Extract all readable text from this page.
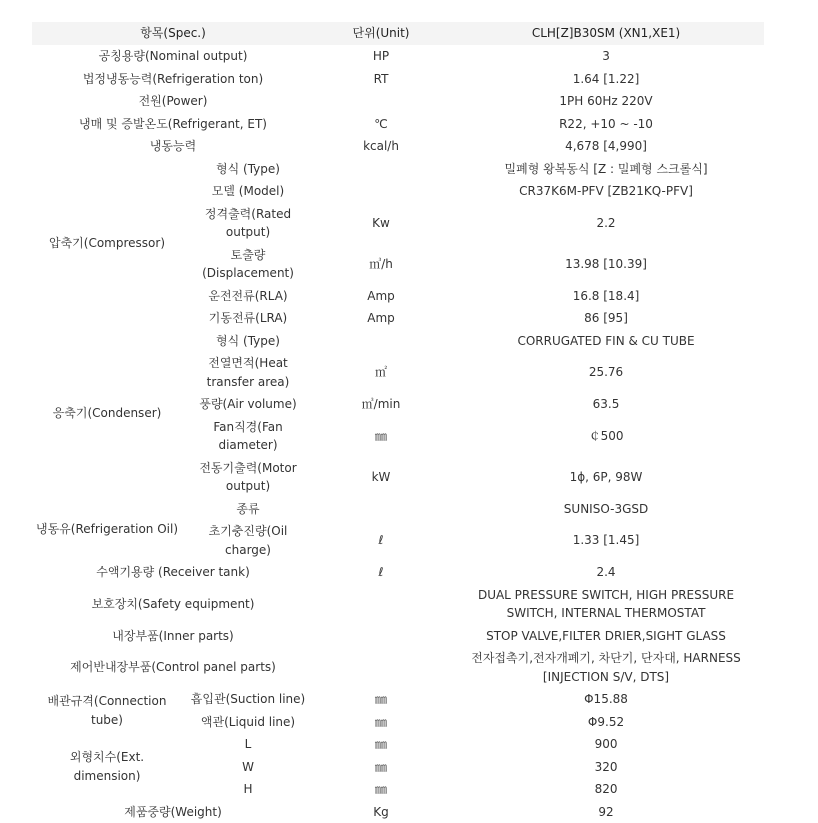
항목(Spec.)		단위(Unit)	CLH[Z]B30SM (XN1,XE1)
공칭용량(Nominal output)		HP	3
법정냉동능력(Refrigeration ton)		RT	1.64 [1.22]
전원(Power)			1PH 60Hz 220V
냉매 및 증발온도(Refrigerant, ET)		℃	R22, +10 ~ -10
냉동능력		kcal/h	4,678 [4,990]
압축기(Compressor)	형식 (Type)		밀폐형 왕복동식 [Z : 밀폐형 스크롤식]
	모델 (Model)		CR37K6M-PFV [ZB21KQ-PFV]
	정격출력(Rated output)	Kw	2.2
	토출량(Displacement)	㎥/h	13.98 [10.39]
	운전전류(RLA)	Amp	16.8 [18.4]
	기동전류(LRA)	Amp	86 [95]
응축기(Condenser)	형식 (Type)		CORRUGATED FIN & CU TUBE
	전열면적(Heat transfer area)	㎡	25.76
	풍량(Air volume)	㎥/min	63.5
	Fan직경(Fan diameter)	㎜	￠500
	전동기출력(Motor output)	kW	1ϕ, 6P, 98W
냉동유(Refrigeration Oil)	종류		SUNISO-3GSD
	초기충진량(Oil charge)	ℓ	1.33 [1.45]
수액기용량 (Receiver tank)		ℓ	2.4
보호장치(Safety equipment)			DUAL PRESSURE SWITCH, HIGH PRESSURE SWITCH, INTERNAL THERMOSTAT
내장부품(Inner parts)			STOP VALVE,FILTER DRIER,SIGHT GLASS
제어반내장부품(Control panel parts)			전자접촉기,전자개폐기, 차단기, 단자대, HARNESS [INJECTION S/V, DTS]
배관규격(Connection tube)	흡입관(Suction line)	㎜	Φ15.88
	액관(Liquid line)	㎜	Φ9.52
외형치수(Ext. dimension)	L	㎜	900
	W	㎜	320
	H	㎜	820
제품중량(Weight)		Kg	92
